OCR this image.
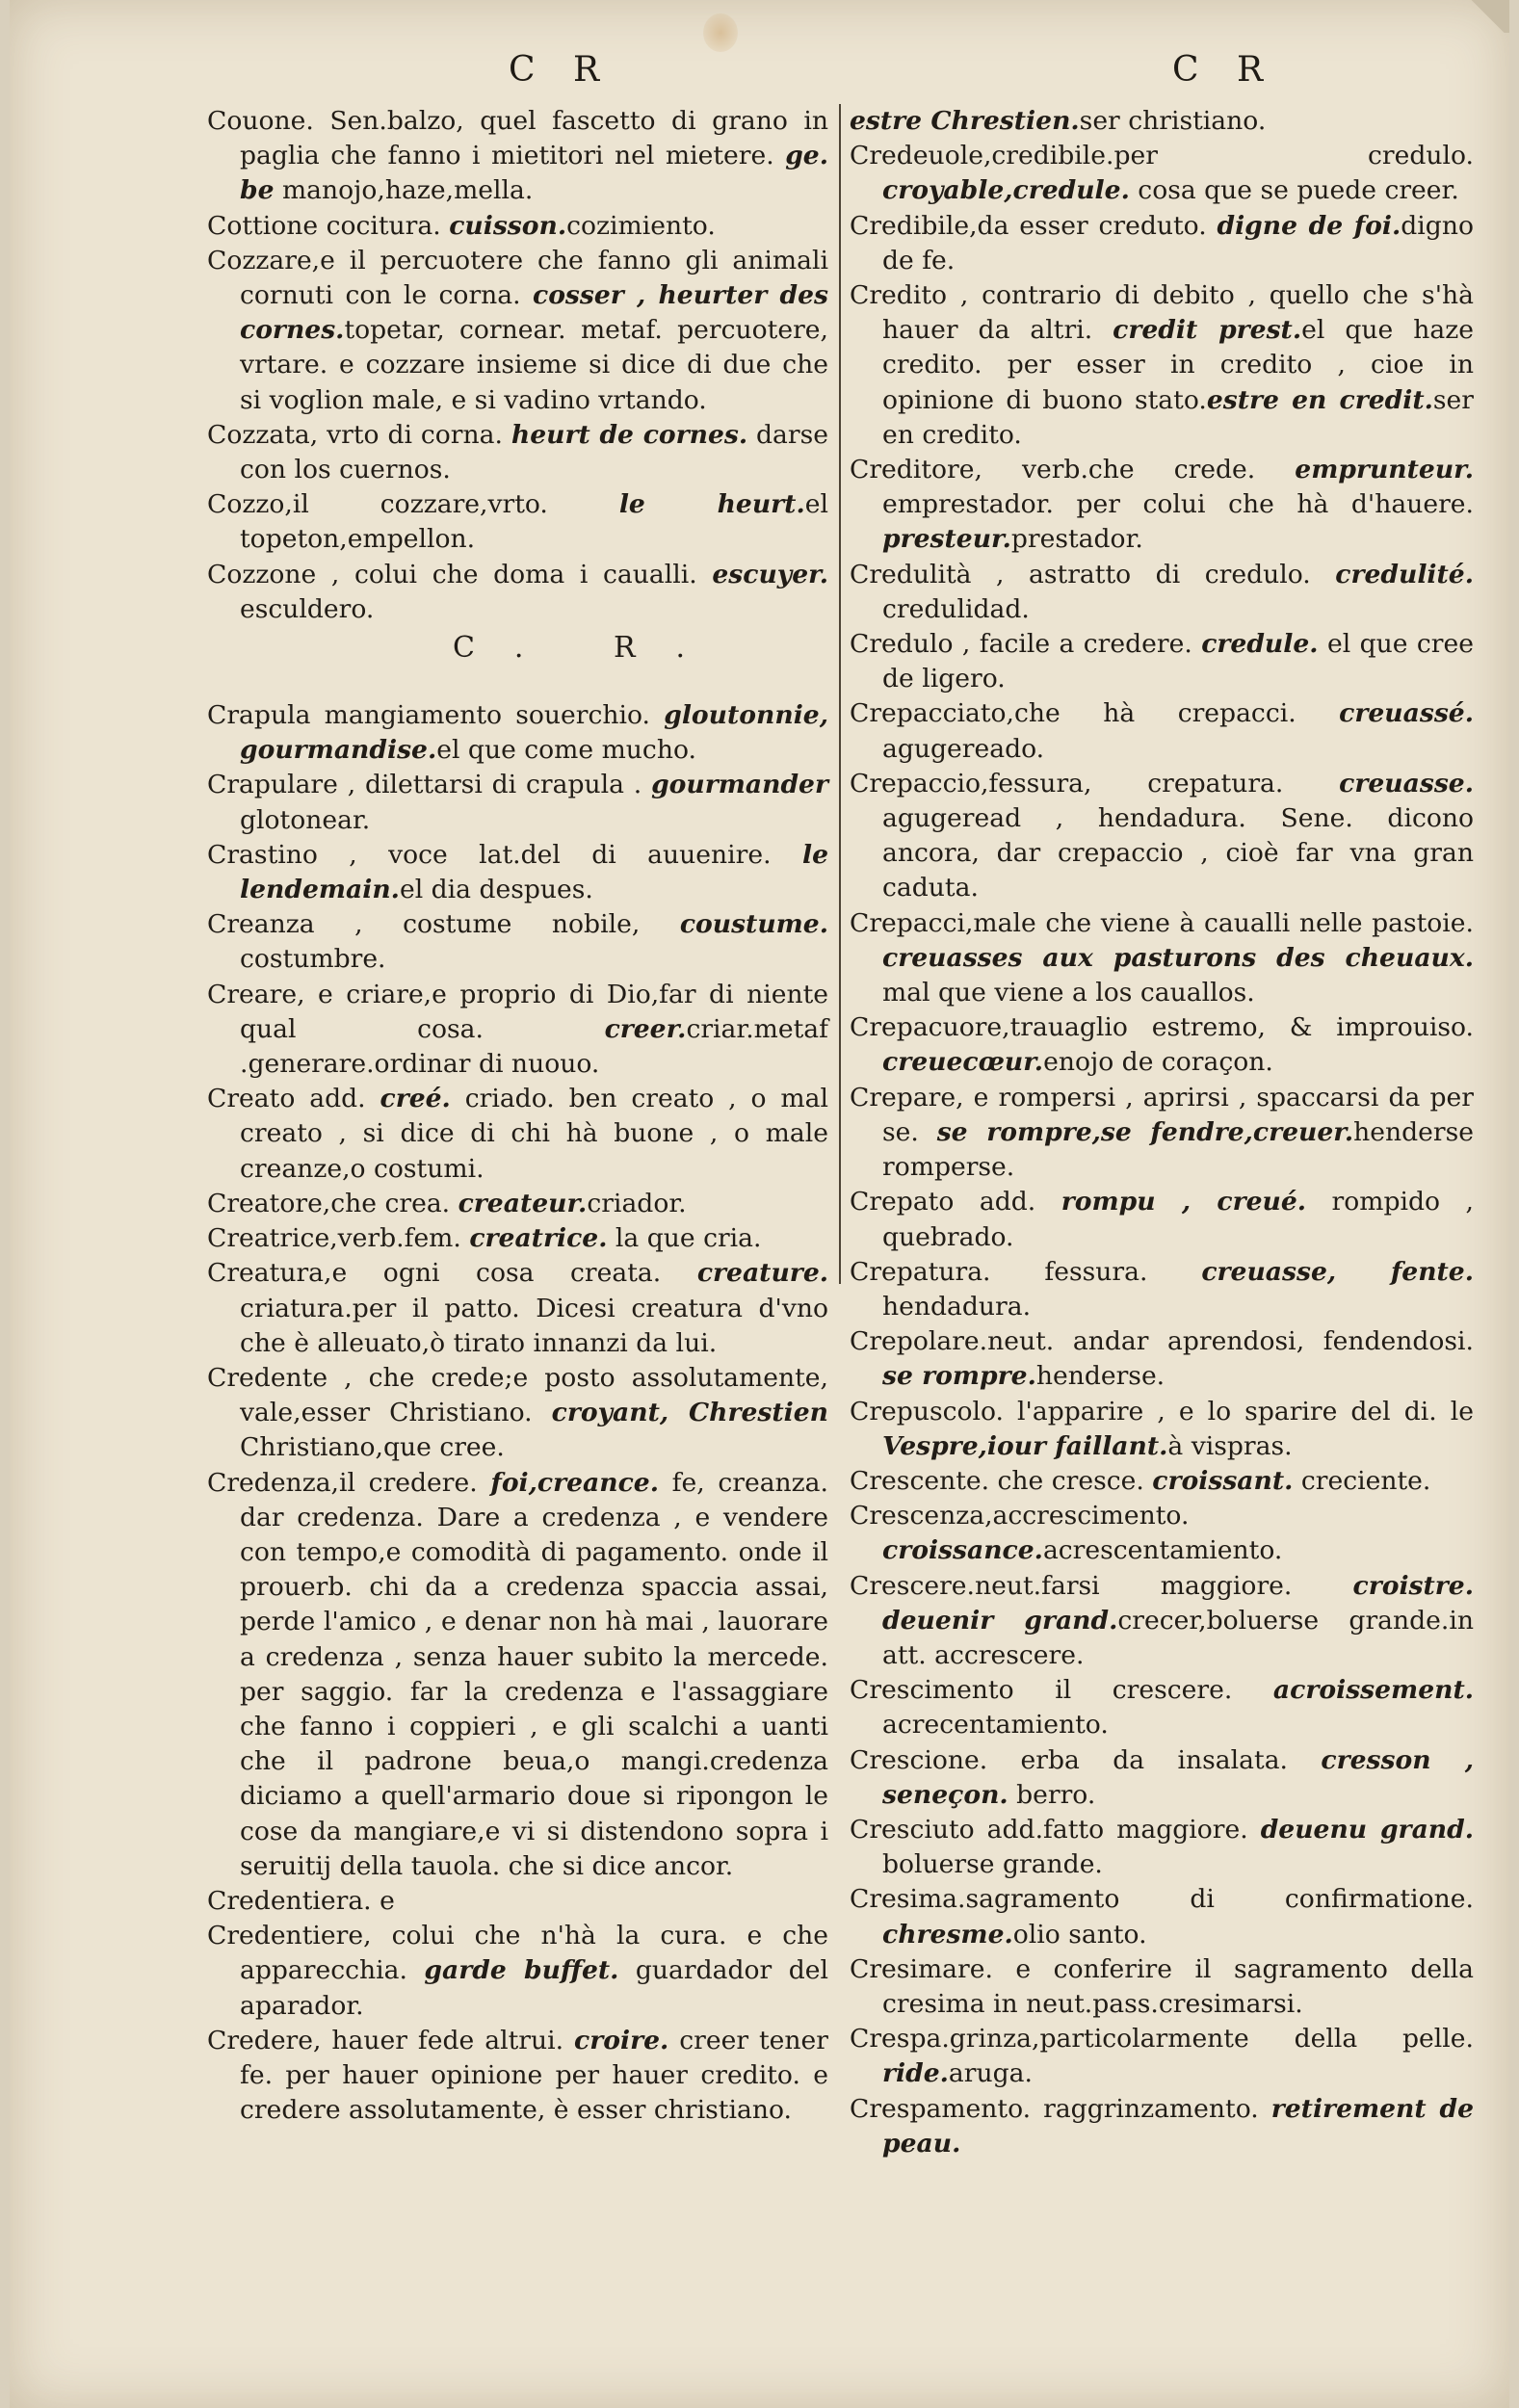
C R	C R

Couone. Sen.balzo, quel fascetto di grano in paglia che fanno i mietitori nel mietere. ge. be manojo,haze,mella.

Cottione cocitura. cuisson.cozimiento.

Cozzare,e il percuotere che fanno gli animali cornuti con le corna. cosser , heurter des cornes.topetar, cornear. metaf. percuotere, vrtare. e cozzare insieme si dice di due che si voglion male, e si vadino vrtando.

Cozzata, vrto di corna. heurt de cornes. darse con los cuernos.

Cozzo,il cozzare,vrto.	le heurt.el topeton,empellon.

Cozzone , colui che doma i caualli. escuyer. esculdero.

C. R.

Crapula mangiamento souerchio. gloutonnie, gourmandise.el que come mucho.

Crapulare , dilettarsi di crapula . gourmander glotonear.

Crastino , voce lat.del di auuenire. le lendemain.el dia despues.

Creanza , costume nobile, coustume. costumbre.

Creare, e criare,e proprio di Dio,far di niente qual cosa.	creer.criar.metaf .generare.ordinar di nuouo.

Creato add. creé. criado. ben creato , o mal creato , si dice di chi hà buone , o male creanze,o costumi.

Creatore,che crea. createur.criador.

Creatrice,verb.fem. creatrice. la que cria.

Creatura,e ogni cosa creata. creature. criatura.per il patto. Dicesi creatura d'vno che è alleuato,ò tirato innanzi da lui.

Credente , che crede;e posto assolutamente, vale,esser Christiano. croyant, Chrestien Christiano,que cree.

Credenza,il credere. foi,creance. fe, creanza. dar credenza. Dare a credenza , e vendere con tempo,e comodità di pagamento. onde il prouerb. chi da a credenza spaccia assai, perde l'amico , e denar non hà mai , lauorare a credenza , senza hauer subito la mercede. per saggio. far la credenza e l'assaggiare che fanno i coppieri , e gli scalchi a uanti che il padrone beua,o mangi.credenza diciamo a quell'armario doue si ripongon le cose da mangiare,e vi si distendono sopra i seruitij della tauola. che si dice ancor.

Credentiera. e

Credentiere, colui che n'hà la cura. e che apparecchia. garde buffet. guardador del aparador.

Credere, hauer fede altrui. croire. creer tener fe. per hauer opinione per hauer credito. e credere assolutamente, è esser christiano.

estre Chrestien.ser christiano.

Credeuole,credibile.per credulo. croyable,credule. cosa que se puede creer.

Credibile,da esser creduto. digne de foi.digno de fe.

Credito , contrario di debito , quello che s'hà hauer da altri. credit prest.el que haze credito. per esser in credito , cioe in opinione di buono stato.estre en credit.ser en credito.

Creditore, verb.che crede. emprunteur. emprestador. per colui che hà d'hauere. presteur.prestador.

Credulità , astratto di credulo. credulité. credulidad.

Credulo , facile a credere. credule. el que cree de ligero.

Crepacciato,che hà crepacci. creuassé. agugereado.

Crepaccio,fessura, crepatura. creuasse. agugeread , hendadura. Sene. dicono ancora, dar crepaccio , cioè far vna gran caduta.

Crepacci,male che viene à caualli nelle pastoie. creuasses aux pasturons des cheuaux. mal que viene a los cauallos.

Crepacuore,trauaglio estremo, & improuiso. creuecœur.enojo de coraçon.

Crepare, e rompersi , aprirsi , spaccarsi da per se. se rompre,se fendre,creuer.henderse romperse.

Crepato add. rompu , creué. rompido , quebrado.

Crepatura. fessura. creuasse, fente. hendadura.

Crepolare.neut. andar aprendosi, fendendosi. se rompre.henderse.

Crepuscolo. l'apparire , e lo sparire del di. le Vespre,iour faillant.à vispras.

Crescente. che cresce. croissant. creciente.

Crescenza,accrescimento. croissance.acrescentamiento.

Crescere.neut.farsi maggiore. croistre. deuenir grand.crecer,boluerse grande.in att. accrescere.

Crescimento il crescere. acroissement. acrecentamiento.

Crescione. erba da insalata. cresson , seneçon. berro.

Cresciuto add.fatto maggiore. deuenu grand. boluerse grande.

Cresima.sagramento di confirmatione. chresme.olio santo.

Cresimare. e conferire il sagramento della cresima in neut.pass.cresimarsi.

Crespa.grinza,particolarmente della pelle. ride.aruga.

Crespamento. raggrinzamento. retirement de peau.
